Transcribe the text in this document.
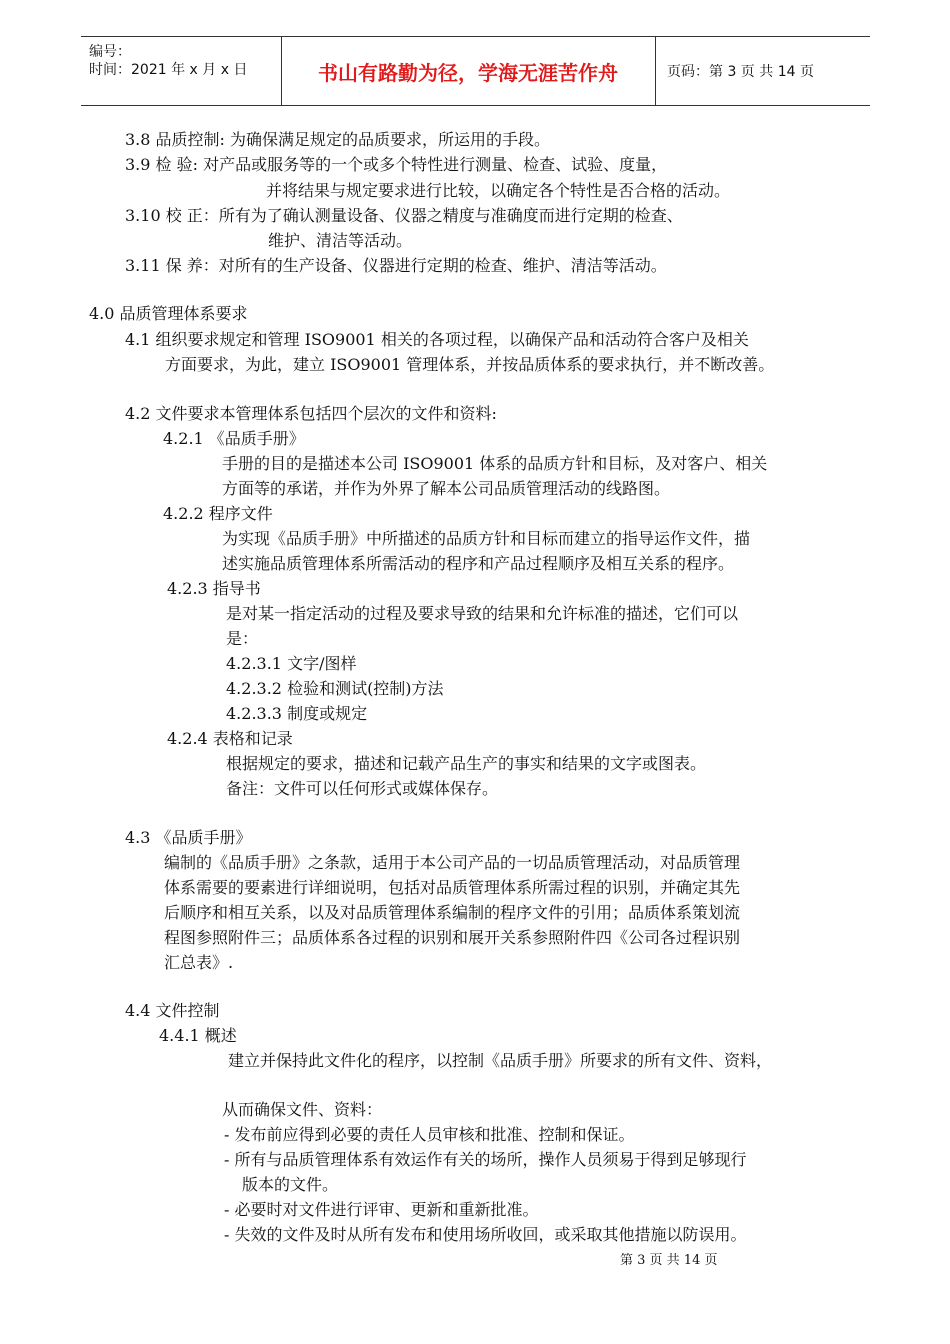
编号：
时间：2021 年 x 月 x 日	书山有路勤为径，学海无涯苦作舟	页码：第 3 页 共 14 页
3.8 品质控制: 为确保满足规定的品质要求，所运用的手段。
3.9 检 验: 对产品或服务等的一个或多个特性进行测量、检查、试验、度量，
并将结果与规定要求进行比较，以确定各个特性是否合格的活动。
3.10 校 正：所有为了确认测量设备、仪器之精度与准确度而进行定期的检查、
维护、清洁等活动。
3.11 保 养：对所有的生产设备、仪器进行定期的检查、维护、清洁等活动。
4.0 品质管理体系要求
4.1 组织要求规定和管理 ISO9001 相关的各项过程，以确保产品和活动符合客户及相关
方面要求，为此，建立 ISO9001 管理体系，并按品质体系的要求执行，并不断改善。
4.2 文件要求本管理体系包括四个层次的文件和资料:
4.2.1 《品质手册》
手册的目的是描述本公司 ISO9001 体系的品质方针和目标，及对客户、相关
方面等的承诺，并作为外界了解本公司品质管理活动的线路图。
4.2.2 程序文件
为实现《品质手册》中所描述的品质方针和目标而建立的指导运作文件，描
述实施品质管理体系所需活动的程序和产品过程顺序及相互关系的程序。
4.2.3 指导书
是对某一指定活动的过程及要求导致的结果和允许标准的描述，它们可以
是：
4.2.3.1 文字/图样
4.2.3.2 检验和测试(控制)方法
4.2.3.3 制度或规定
4.2.4 表格和记录
根据规定的要求，描述和记载产品生产的事实和结果的文字或图表。
备注：文件可以任何形式或媒体保存。
4.3 《品质手册》
编制的《品质手册》之条款，适用于本公司产品的一切品质管理活动，对品质管理
体系需要的要素进行详细说明，包括对品质管理体系所需过程的识别，并确定其先
后顺序和相互关系，以及对品质管理体系编制的程序文件的引用；品质体系策划流
程图参照附件三；品质体系各过程的识别和展开关系参照附件四《公司各过程识别
汇总表》.
4.4 文件控制
4.4.1 概述
建立并保持此文件化的程序，以控制《品质手册》所要求的所有文件、资料，
从而确保文件、资料：
- 发布前应得到必要的责任人员审核和批准、控制和保证。
- 所有与品质管理体系有效运作有关的场所，操作人员须易于得到足够现行
版本的文件。
- 必要时对文件进行评审、更新和重新批准。
- 失效的文件及时从所有发布和使用场所收回，或采取其他措施以防误用。
第 3 页 共 14 页
